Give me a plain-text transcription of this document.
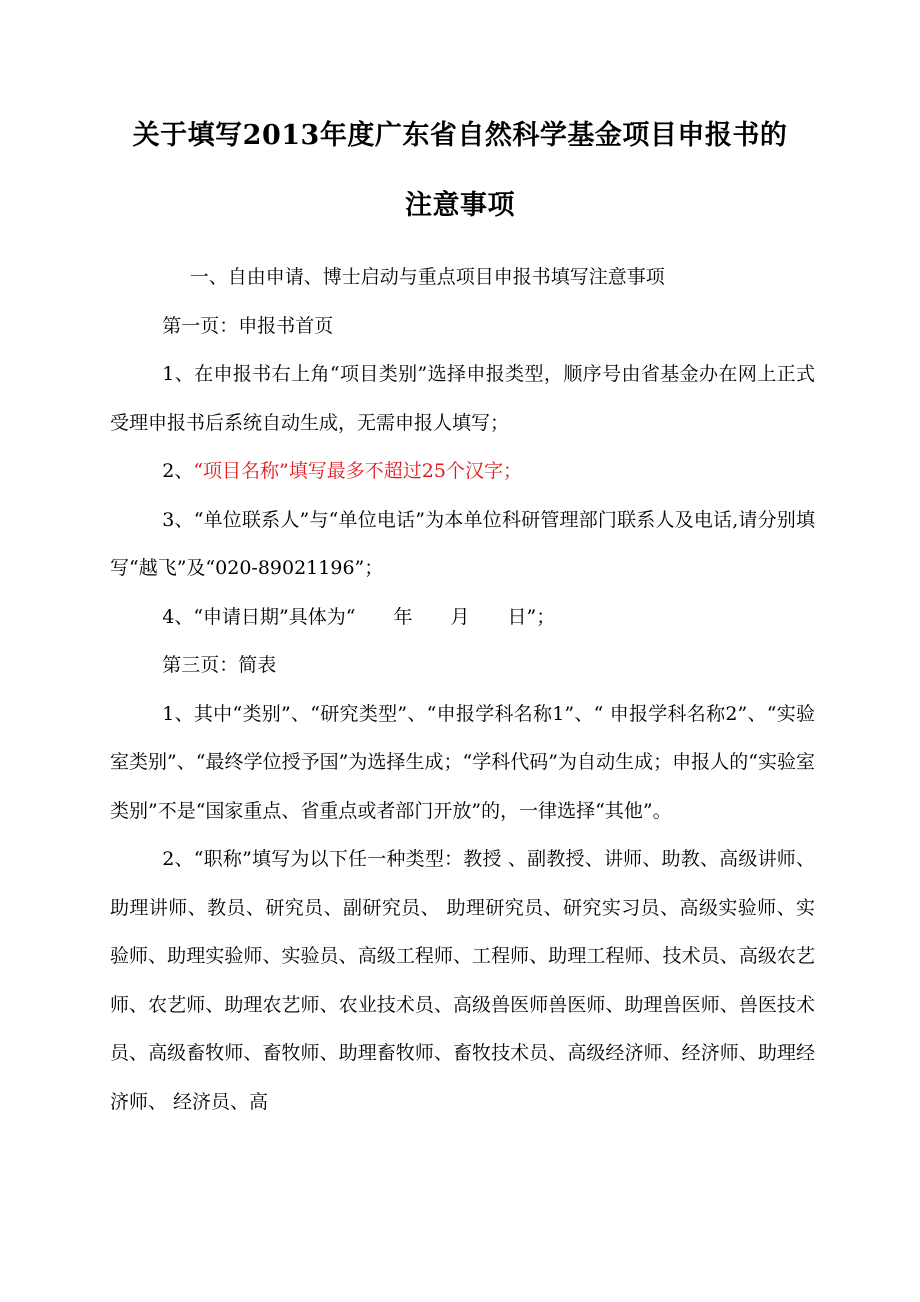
关于填写2013年度广东省自然科学基金项目申报书的
注意事项

一、自由申请、博士启动与重点项目申报书填写注意事项

第一页：申报书首页

1、在申报书右上角“项目类别”选择申报类型，顺序号由省基金办在网上正式受理申报书后系统自动生成，无需申报人填写；

2、“项目名称”填写最多不超过25个汉字；

3、“单位联系人”与“单位电话”为本单位科研管理部门联系人及电话,请分别填写“越飞”及“020-89021196”；

4、“申请日期”具体为“　　年　　月　　日”；

第三页：简表

1、其中“类别”、“研究类型”、“申报学科名称1”、“ 申报学科名称2”、“实验室类别”、“最终学位授予国”为选择生成；“学科代码”为自动生成；申报人的“实验室类别”不是“国家重点、省重点或者部门开放”的，一律选择“其他”。

2、“职称”填写为以下任一种类型：教授 、副教授、讲师、助教、高级讲师、助理讲师、教员、研究员、副研究员、 助理研究员、研究实习员、高级实验师、实验师、助理实验师、实验员、高级工程师、工程师、助理工程师、技术员、高级农艺师、农艺师、助理农艺师、农业技术员、高级兽医师兽医师、助理兽医师、兽医技术员、高级畜牧师、畜牧师、助理畜牧师、畜牧技术员、高级经济师、经济师、助理经济师、 经济员、高
